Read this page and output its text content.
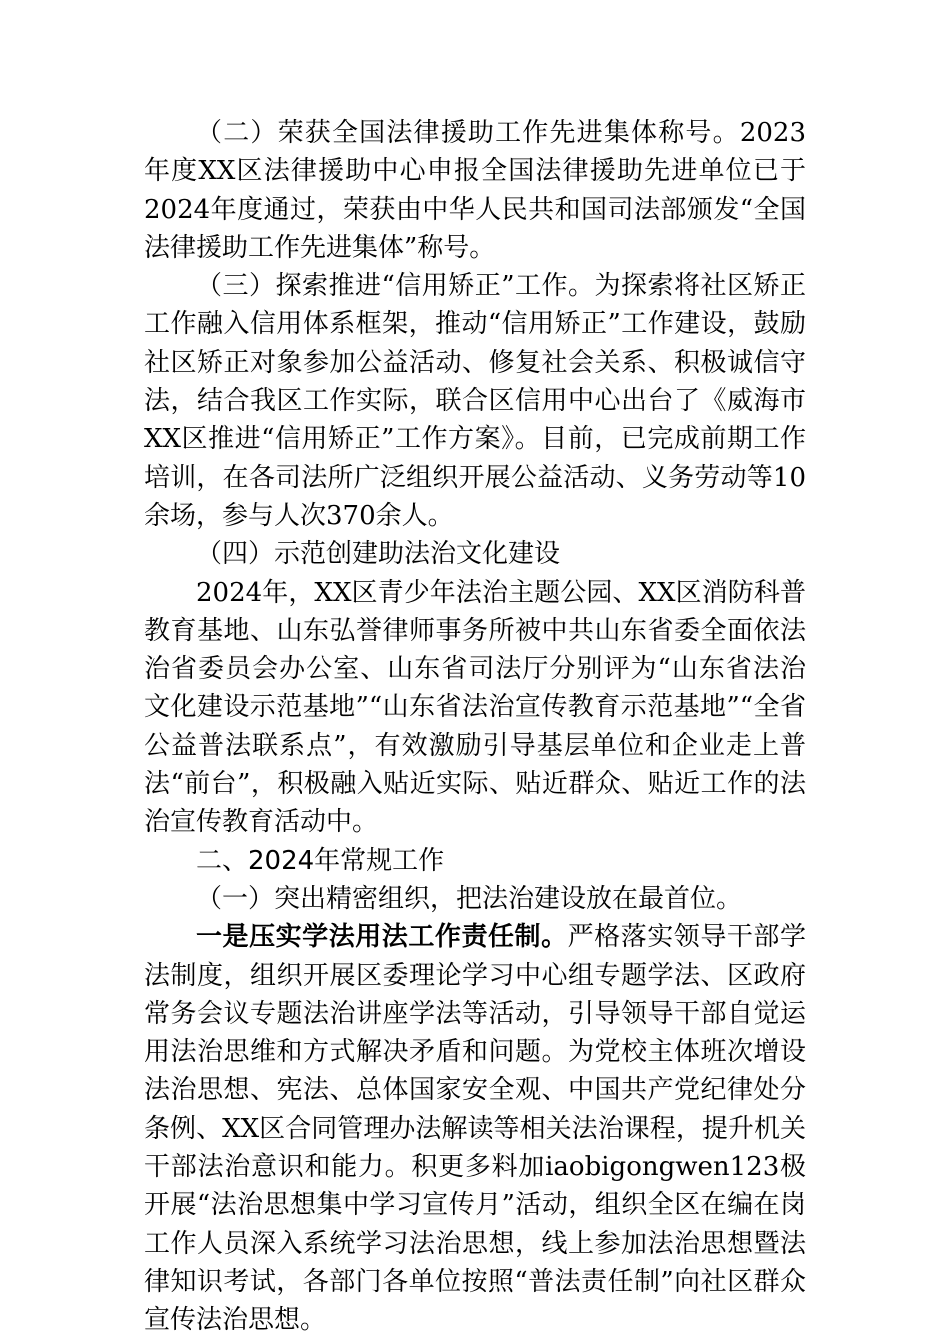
（二）荣获全国法律援助工作先进集体称号。2023年度XX区法律援助中心申报全国法律援助先进单位已于2024年度通过，荣获由中华人民共和国司法部颁发“全国法律援助工作先进集体”称号。

（三）探索推进“信用矫正”工作。为探索将社区矫正工作融入信用体系框架，推动“信用矫正”工作建设，鼓励社区矫正对象参加公益活动、修复社会关系、积极诚信守法，结合我区工作实际，联合区信用中心出台了《威海市XX区推进“信用矫正”工作方案》。目前，已完成前期工作培训，在各司法所广泛组织开展公益活动、义务劳动等10余场，参与人次370余人。

（四）示范创建助法治文化建设

2024年，XX区青少年法治主题公园、XX区消防科普教育基地、山东弘誉律师事务所被中共山东省委全面依法治省委员会办公室、山东省司法厅分别评为“山东省法治文化建设示范基地”“山东省法治宣传教育示范基地”“全省公益普法联系点”，有效激励引导基层单位和企业走上普法“前台”，积极融入贴近实际、贴近群众、贴近工作的法治宣传教育活动中。

二、2024年常规工作

（一）突出精密组织，把法治建设放在最首位。

一是压实学法用法工作责任制。严格落实领导干部学法制度，组织开展区委理论学习中心组专题学法、区政府常务会议专题法治讲座学法等活动，引导领导干部自觉运用法治思维和方式解决矛盾和问题。为党校主体班次增设法治思想、宪法、总体国家安全观、中国共产党纪律处分条例、XX区合同管理办法解读等相关法治课程，提升机关干部法治意识和能力。积更多料加iaobigongwen123极开展“法治思想集中学习宣传月”活动，组织全区在编在岗工作人员深入系统学习法治思想，线上参加法治思想暨法律知识考试，各部门各单位按照“普法责任制”向社区群众宣传法治思想。
